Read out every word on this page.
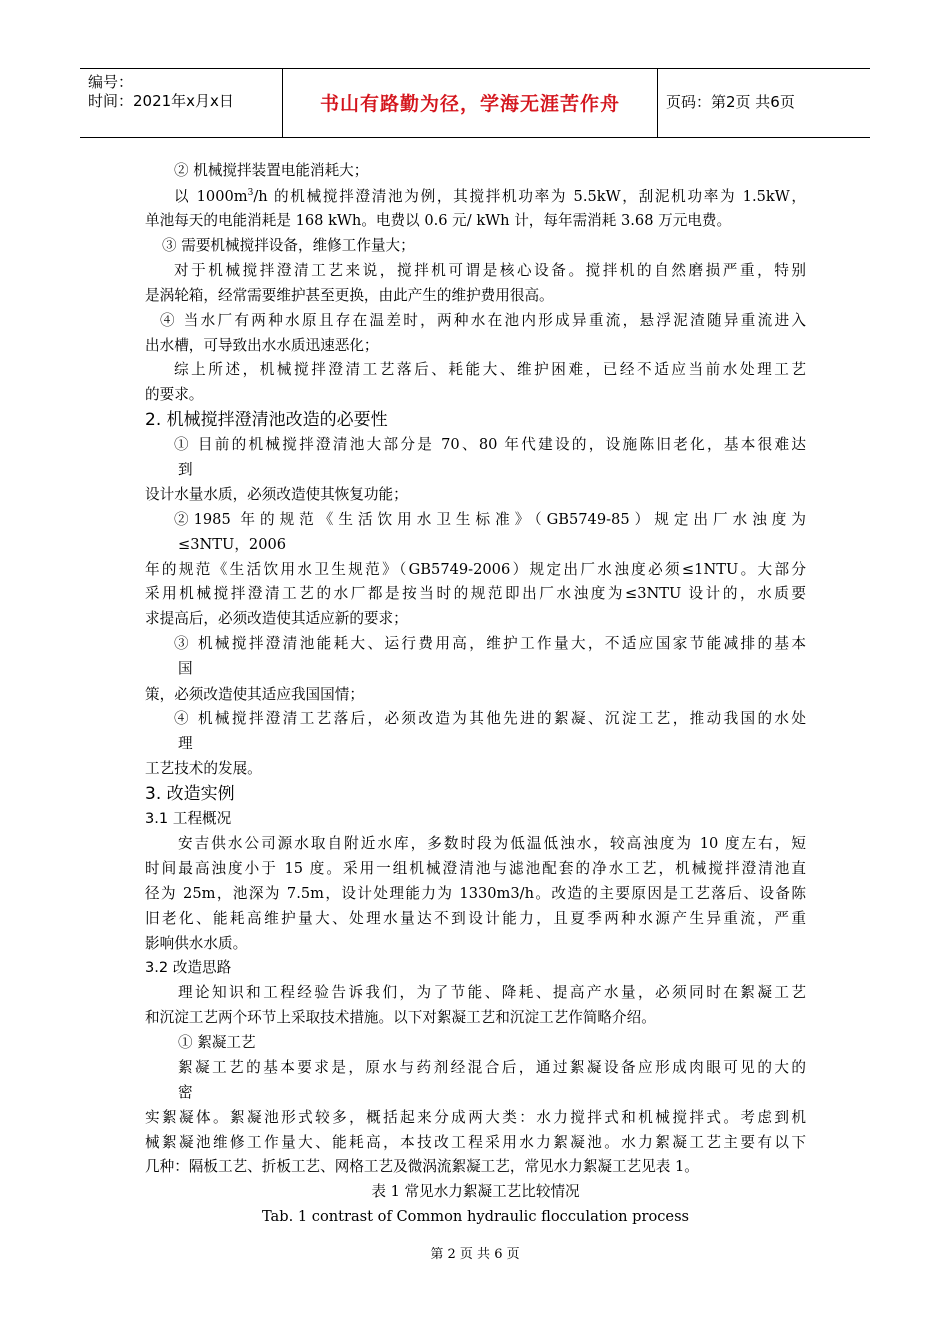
编号：
时间：2021年x月x日	书山有路勤为径，学海无涯苦作舟	页码：第2页 共6页
② 机械搅拌装置电能消耗大；
以 $1000m^3/h$ 的机械搅拌澄清池为例，其搅拌机功率为 5.5kW，刮泥机功率为 1.5kW，
单池每天的电能消耗是 168 kWh。电费以 0.6 元/ kWh 计，每年需消耗 3.68 万元电费。
③ 需要机械搅拌设备，维修工作量大；
对于机械搅拌澄清工艺来说，搅拌机可谓是核心设备。搅拌机的自然磨损严重，特别
是涡轮箱，经常需要维护甚至更换，由此产生的维护费用很高。
④ 当水厂有两种水原且存在温差时，两种水在池内形成异重流，悬浮泥渣随异重流进入
出水槽，可导致出水水质迅速恶化；
综上所述，机械搅拌澄清工艺落后、耗能大、维护困难，已经不适应当前水处理工艺
的要求。
2. 机械搅拌澄清池改造的必要性
① 目前的机械搅拌澄清池大部分是 70、80 年代建设的，设施陈旧老化，基本很难达
到
设计水量水质，必须改造使其恢复功能；
②1985 年的规范《生活饮用水卫生标准》（GB5749-85）规定出厂水浊度为
≤3NTU，2006
年的规范《生活饮用水卫生规范》（GB5749-2006）规定出厂水浊度必须≤1NTU。大部分
采用机械搅拌澄清工艺的水厂都是按当时的规范即出厂水浊度为≤3NTU 设计的，水质要
求提高后，必须改造使其适应新的要求；
③ 机械搅拌澄清池能耗大、运行费用高，维护工作量大，不适应国家节能减排的基本
国
策，必须改造使其适应我国国情；
④ 机械搅拌澄清工艺落后，必须改造为其他先进的絮凝、沉淀工艺，推动我国的水处
理
工艺技术的发展。
3. 改造实例
3.1 工程概况
安吉供水公司源水取自附近水库，多数时段为低温低浊水，较高浊度为 10 度左右，短
时间最高浊度小于 15 度。采用一组机械澄清池与滤池配套的净水工艺，机械搅拌澄清池直
径为 25m，池深为 7.5m，设计处理能力为 1330m3/h。改造的主要原因是工艺落后、设备陈
旧老化、能耗高维护量大、处理水量达不到设计能力，且夏季两种水源产生异重流，严重
影响供水水质。
3.2 改造思路
理论知识和工程经验告诉我们，为了节能、降耗、提高产水量，必须同时在絮凝工艺
和沉淀工艺两个环节上采取技术措施。以下对絮凝工艺和沉淀工艺作简略介绍。
① 絮凝工艺
絮凝工艺的基本要求是，原水与药剂经混合后，通过絮凝设备应形成肉眼可见的大的
密
实絮凝体。絮凝池形式较多，概括起来分成两大类：水力搅拌式和机械搅拌式。考虑到机
械絮凝池维修工作量大、能耗高，本技改工程采用水力絮凝池。水力絮凝工艺主要有以下
几种：隔板工艺、折板工艺、网格工艺及微涡流絮凝工艺，常见水力絮凝工艺见表 1。
表 1 常见水力絮凝工艺比较情况
Tab. 1 contrast of Common hydraulic flocculation process
第 2 页 共 6 页
